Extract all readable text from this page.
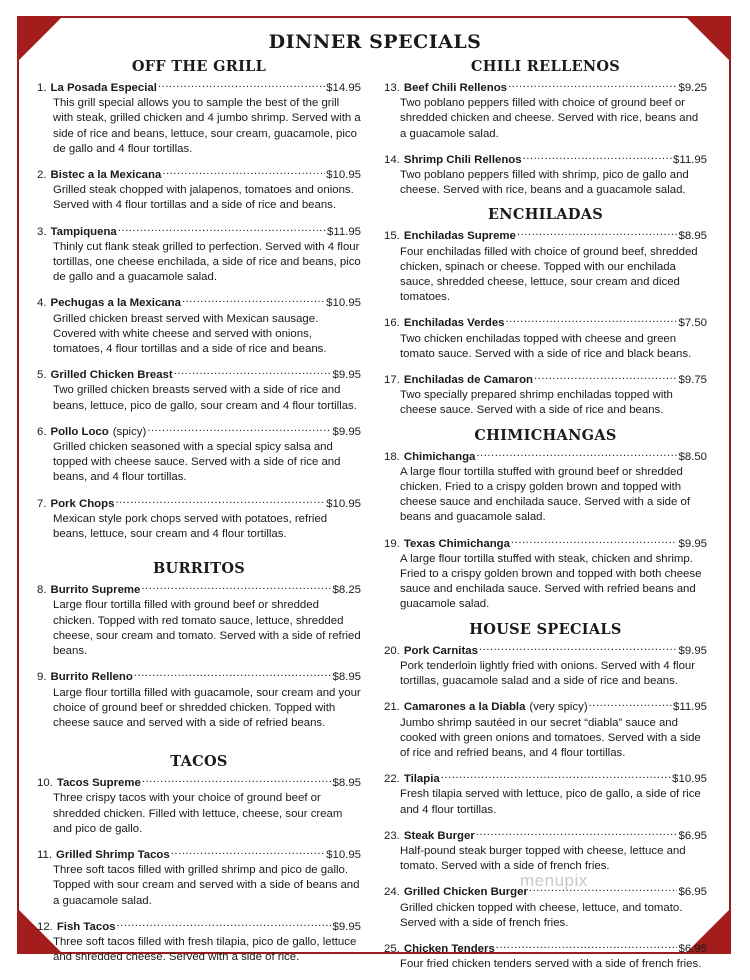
DINNER SPECIALS
OFF THE GRILL
1. La Posada Especial .....	$14.95
This grill special allows you to sample the best of the grill with steak, grilled chicken and 4 jumbo shrimp. Served with a side of rice and beans, lettuce, sour cream, guacamole, pico de gallo and 4 flour tortillas.
2. Bistec a la Mexicana .....	$10.95
Grilled steak chopped with jalapenos, tomatoes and onions. Served with 4 flour tortillas and a side of rice and beans.
3. Tampiquena .....	$11.95
Thinly cut flank steak grilled to perfection. Served with 4 flour tortillas, one cheese enchilada, a side of rice and beans, pico de gallo and a guacamole salad.
4. Pechugas a la Mexicana .....	$10.95
Grilled chicken breast served with Mexican sausage. Covered with white cheese and served with onions, tomatoes, 4 flour tortillas and a side of rice and beans.
5. Grilled Chicken Breast .....	$9.95
Two grilled chicken breasts served with a side of rice and beans, lettuce, pico de gallo, sour cream and 4 flour tortillas.
6. Pollo Loco (spicy) .....	$9.95
Grilled chicken seasoned with a special spicy salsa and topped with cheese sauce. Served with a side of rice and beans, and 4 flour tortillas.
7. Pork Chops .....	$10.95
Mexican style pork chops served with potatoes, refried beans, lettuce, sour cream and 4 flour tortillas.
BURRITOS
8. Burrito Supreme .....	$8.25
Large flour tortilla filled with ground beef or shredded chicken. Topped with red tomato sauce, lettuce, shredded cheese, sour cream and tomato. Served with a side of refried beans.
9. Burrito Relleno .....	$8.95
Large flour tortilla filled with guacamole, sour cream and your choice of ground beef or shredded chicken. Topped with cheese sauce and served with a side of refried beans.
TACOS
10. Tacos Supreme .....	$8.95
Three crispy tacos with your choice of ground beef or shredded chicken. Filled with lettuce, cheese, sour cream and pico de gallo.
11. Grilled Shrimp Tacos .....	$10.95
Three soft tacos filled with grilled shrimp and pico de gallo. Topped with sour cream and served with a side of beans and a guacamole salad.
12. Fish Tacos .....	$9.95
Three soft tacos filled with fresh tilapia, pico de gallo, lettuce and shredded cheese. Served with a side of rice.
CHILI RELLENOS
13. Beef Chili Rellenos .....	$9.25
Two poblano peppers filled with choice of ground beef or shredded chicken and cheese. Served with rice, beans and a guacamole salad.
14. Shrimp Chili Rellenos .....	$11.95
Two poblano peppers filled with shrimp, pico de gallo and cheese. Served with rice, beans and a guacamole salad.
ENCHILADAS
15. Enchiladas Supreme .....	$8.95
Four enchiladas filled with choice of ground beef, shredded chicken, spinach or cheese. Topped with our enchilada sauce, shredded cheese, lettuce, sour cream and diced tomatoes.
16. Enchiladas Verdes .....	$7.50
Two chicken enchiladas topped with cheese and green tomato sauce. Served with a side of rice and black beans.
17. Enchiladas de Camaron .....	$9.75
Two specially prepared shrimp enchiladas topped with cheese sauce. Served with a side of rice and beans.
CHIMICHANGAS
18. Chimichanga .....	$8.50
A large flour tortilla stuffed with ground beef or shredded chicken. Fried to a crispy golden brown and topped with cheese sauce and enchilada sauce. Served with a side of beans and guacamole salad.
19. Texas Chimichanga .....	$9.95
A large flour tortilla stuffed with steak, chicken and shrimp. Fried to a crispy golden brown and topped with both cheese sauce and enchilada sauce. Served with refried beans and guacamole salad.
HOUSE SPECIALS
20. Pork Carnitas .....	$9.95
Pork tenderloin lightly fried with onions. Served with 4 flour tortillas, guacamole salad and a side of rice and beans.
21. Camarones a la Diabla (very spicy) .....	$11.95
Jumbo shrimp sautéed in our secret “diabla” sauce and cooked with green onions and tomatoes. Served with a side of rice and refried beans, and 4 flour tortillas.
22. Tilapia .....	$10.95
Fresh tilapia served with lettuce, pico de gallo, a side of rice and 4 flour tortillas.
23. Steak Burger .....	$6.95
Half-pound steak burger topped with cheese, lettuce and tomato. Served with a side of french fries.
24. Grilled Chicken Burger .....	$6.95
Grilled chicken topped with cheese, lettuce, and tomato. Served with a side of french fries.
25. Chicken Tenders .....	$6.95
Four fried chicken tenders served with a side of french fries.
menupix
